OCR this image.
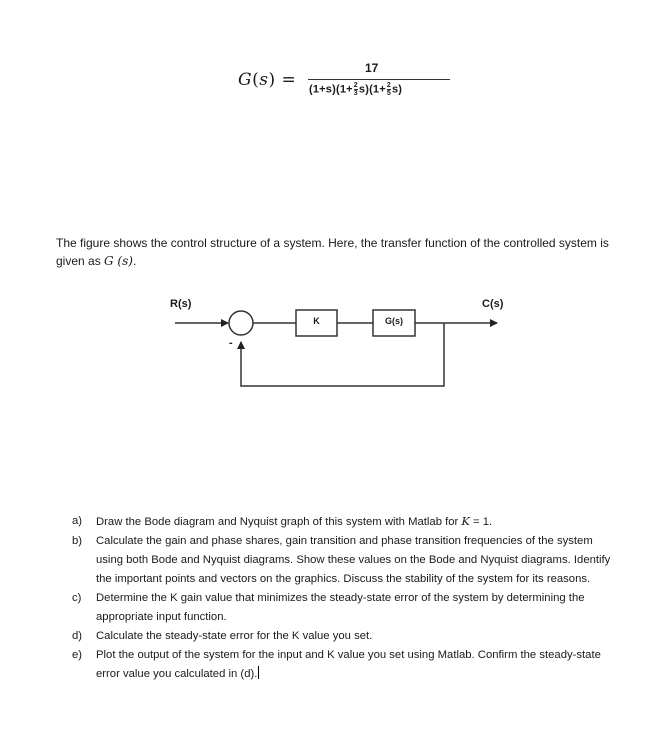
G(s) =
17
$(1+s)(1+ \frac{2}{3} s)(1+ \frac{2}{5} s)$
The figure shows the control structure of a system. Here, the transfer function of the controlled system is given as G (s).
R(s)	C(s)
K	G(s)
-
a) Draw the Bode diagram and Nyquist graph of this system with Matlab for K = 1.
b) Calculate the gain and phase shares, gain transition and phase transition frequencies of the system using both Bode and Nyquist diagrams. Show these values on the Bode and Nyquist diagrams. Identify the important points and vectors on the graphics. Discuss the stability of the system for its reasons.
c) Determine the K gain value that minimizes the steady-state error of the system by determining the appropriate input function.
d) Calculate the steady-state error for the K value you set.
e) Plot the output of the system for the input and K value you set using Matlab. Confirm the steady-state error value you calculated in (d).
